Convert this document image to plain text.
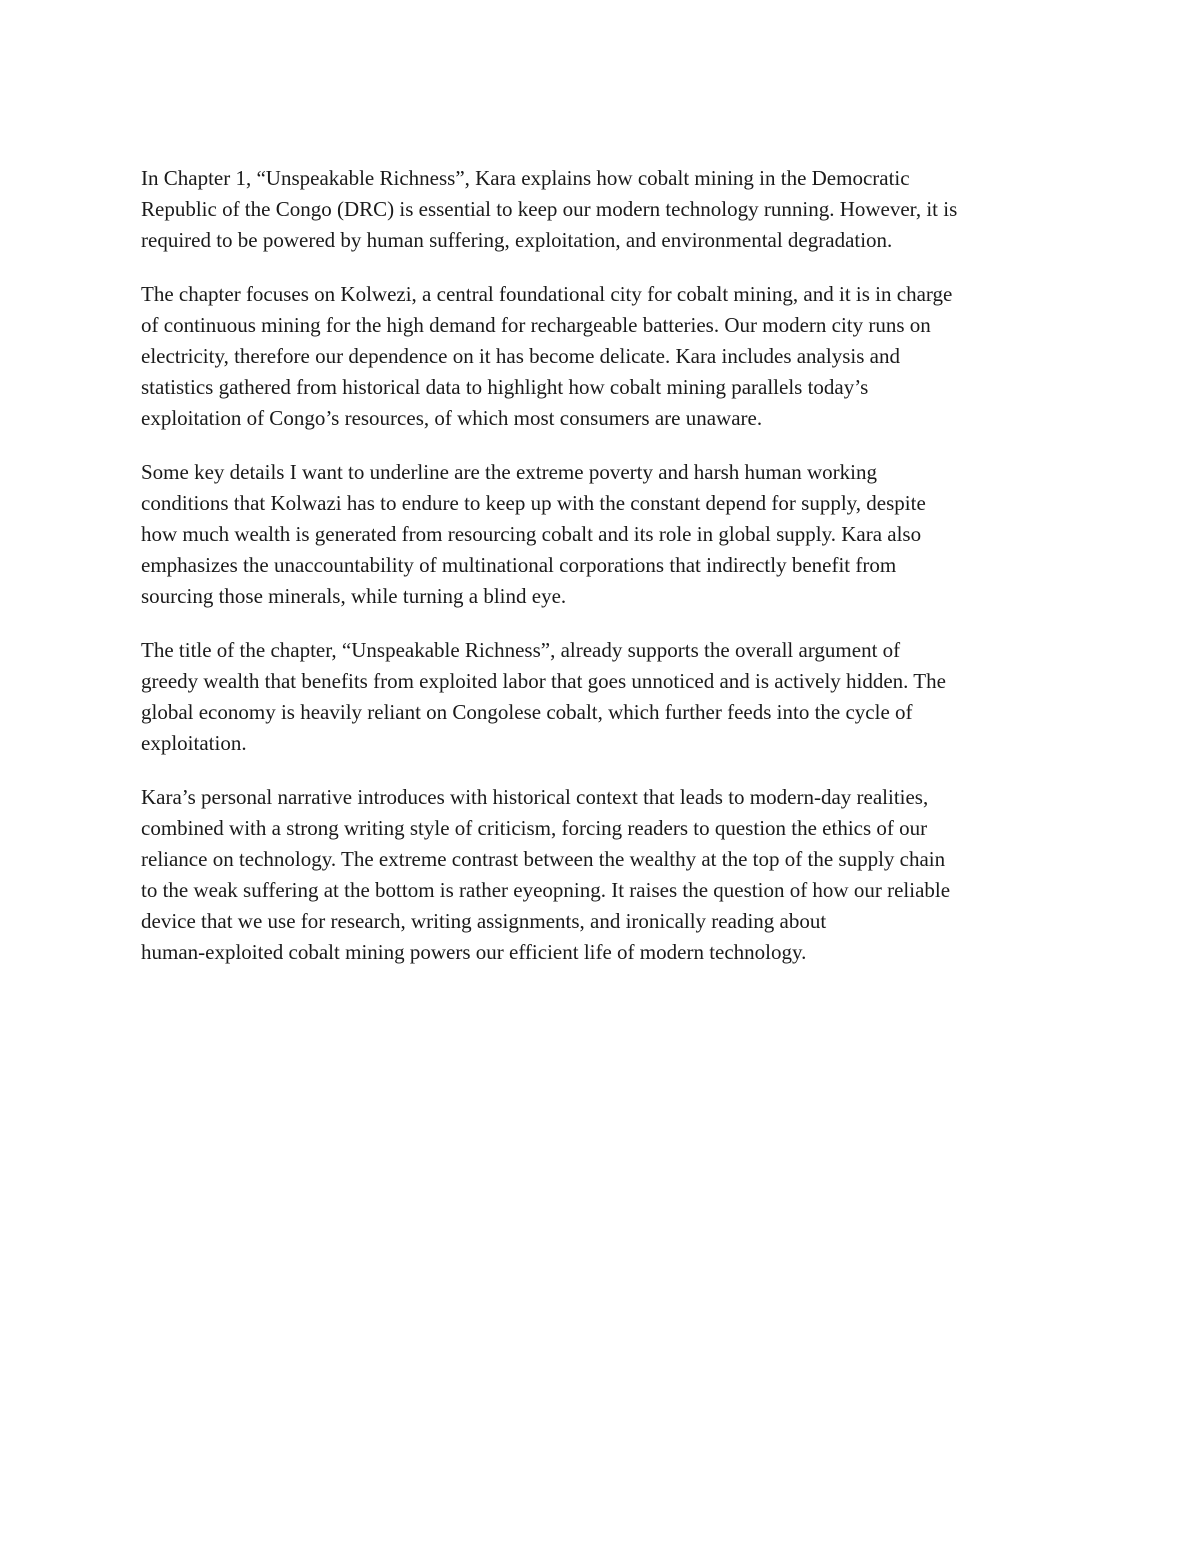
In Chapter 1, “Unspeakable Richness”, Kara explains how cobalt mining in the Democratic
Republic of the Congo (DRC) is essential to keep our modern technology running. However, it is
required to be powered by human suffering, exploitation, and environmental degradation.

The chapter focuses on Kolwezi, a central foundational city for cobalt mining, and it is in charge
of continuous mining for the high demand for rechargeable batteries. Our modern city runs on
electricity, therefore our dependence on it has become delicate. Kara includes analysis and
statistics gathered from historical data to highlight how cobalt mining parallels today’s
exploitation of Congo’s resources, of which most consumers are unaware.

Some key details I want to underline are the extreme poverty and harsh human working
conditions that Kolwazi has to endure to keep up with the constant depend for supply, despite
how much wealth is generated from resourcing cobalt and its role in global supply. Kara also
emphasizes the unaccountability of multinational corporations that indirectly benefit from
sourcing those minerals, while turning a blind eye.

The title of the chapter, “Unspeakable Richness”, already supports the overall argument of
greedy wealth that benefits from exploited labor that goes unnoticed and is actively hidden. The
global economy is heavily reliant on Congolese cobalt, which further feeds into the cycle of
exploitation.

Kara’s personal narrative introduces with historical context that leads to modern-day realities,
combined with a strong writing style of criticism, forcing readers to question the ethics of our
reliance on technology. The extreme contrast between the wealthy at the top of the supply chain
to the weak suffering at the bottom is rather eyeopning. It raises the question of how our reliable
device that we use for research, writing assignments, and ironically reading about
human-exploited cobalt mining powers our efficient life of modern technology.
